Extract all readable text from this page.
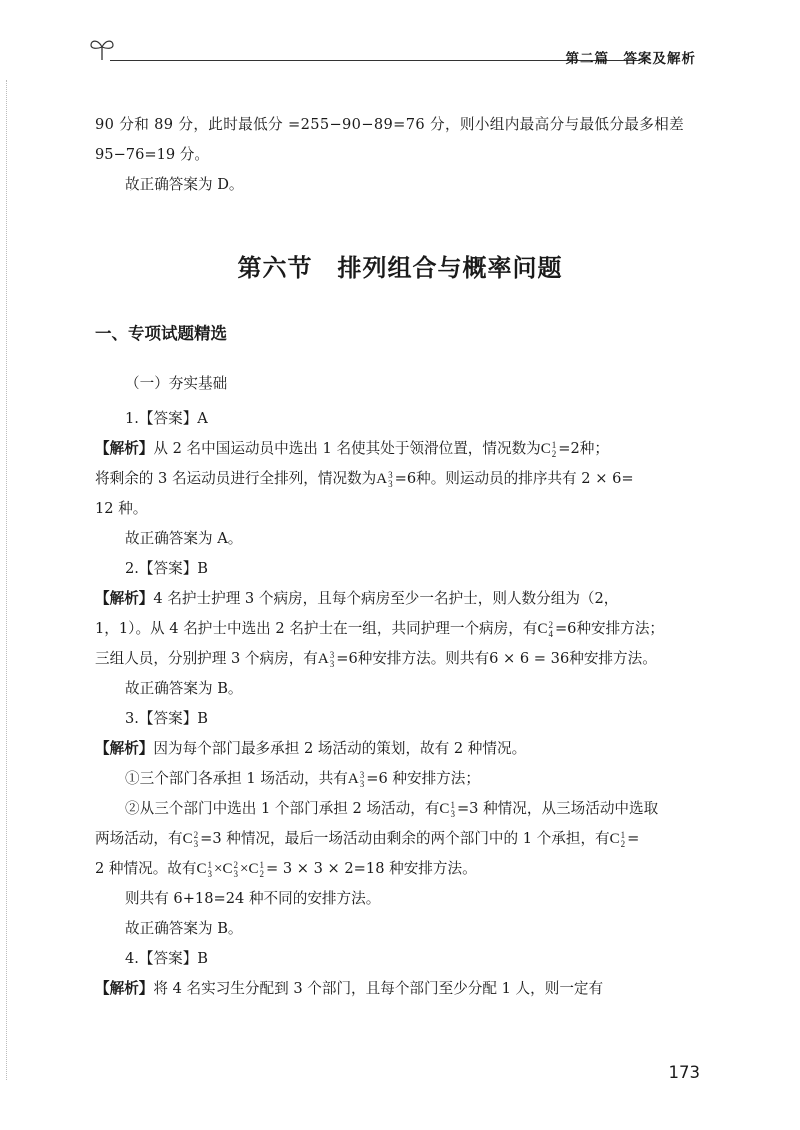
第二篇　答案及解析

90 分和 89 分，此时最低分 =255−90−89=76 分，则小组内最高分与最低分最多相差

95−76=19 分。

故正确答案为 D。

第六节　排列组合与概率问题
一、专项试题精选
（一）夯实基础

1.【答案】A

【解析】从 2 名中国运动员中选出 1 名使其处于领滑位置，情况数为C 1
2 =2种；

将剩余的 3 名运动员进行全排列，情况数为A 3
3 =6种。则运动员的排序共有 2 × 6=

12 种。

故正确答案为 A。

2.【答案】B

【解析】4 名护士护理 3 个病房，且每个病房至少一名护士，则人数分组为（2，

1，1）。从 4 名护士中选出 2 名护士在一组，共同护理一个病房，有C 2
4 =6种安排方法；

三组人员，分别护理 3 个病房，有A 3
3 =6种安排方法。则共有6 × 6 = 36种安排方法。

故正确答案为 B。

3.【答案】B

【解析】因为每个部门最多承担 2 场活动的策划，故有 2 种情况。

①三个部门各承担 1 场活动，共有A 3
3 =6 种安排方法；

②从三个部门中选出 1 个部门承担 2 场活动，有C 1
3 =3 种情况，从三场活动中选取

两场活动，有C 2
3 =3 种情况，最后一场活动由剩余的两个部门中的 1 个承担，有C 1
2 =

2 种情况。故有C 1
3 ×C 2
3 ×C 1
2 = 3 × 3 × 2=18 种安排方法。

则共有 6+18=24 种不同的安排方法。

故正确答案为 B。

4.【答案】B

【解析】将 4 名实习生分配到 3 个部门，且每个部门至少分配 1 人，则一定有

173
